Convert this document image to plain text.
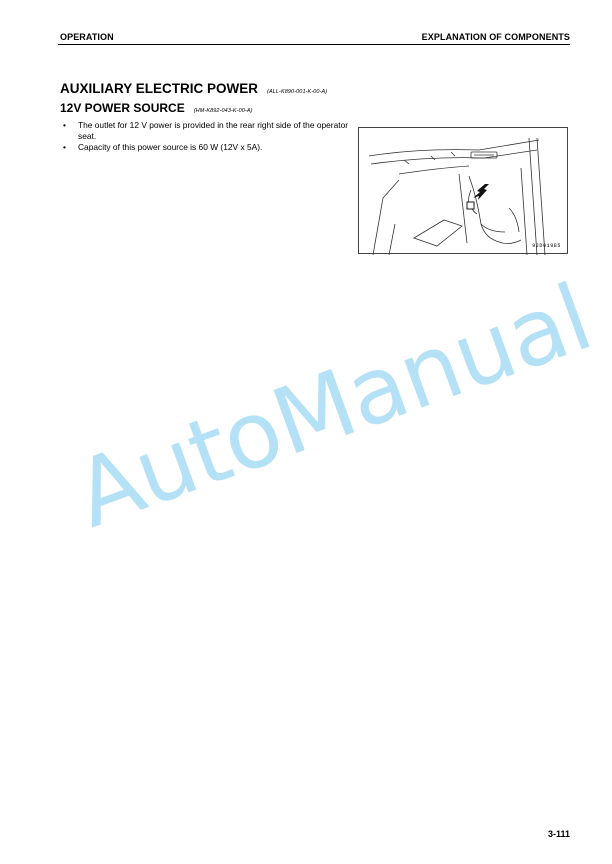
OPERATION	EXPLANATION OF COMPONENTS
AUXILIARY ELECTRIC POWER (ALL-K890-001-K-00-A)
12V POWER SOURCE (HM-K892-043-K-00-A)
• The outlet for 12 V power is provided in the rear right side of the operator seat.
• Capacity of this power source is 60 W (12V x 5A).
9JD01985
AutoManual
3-111
